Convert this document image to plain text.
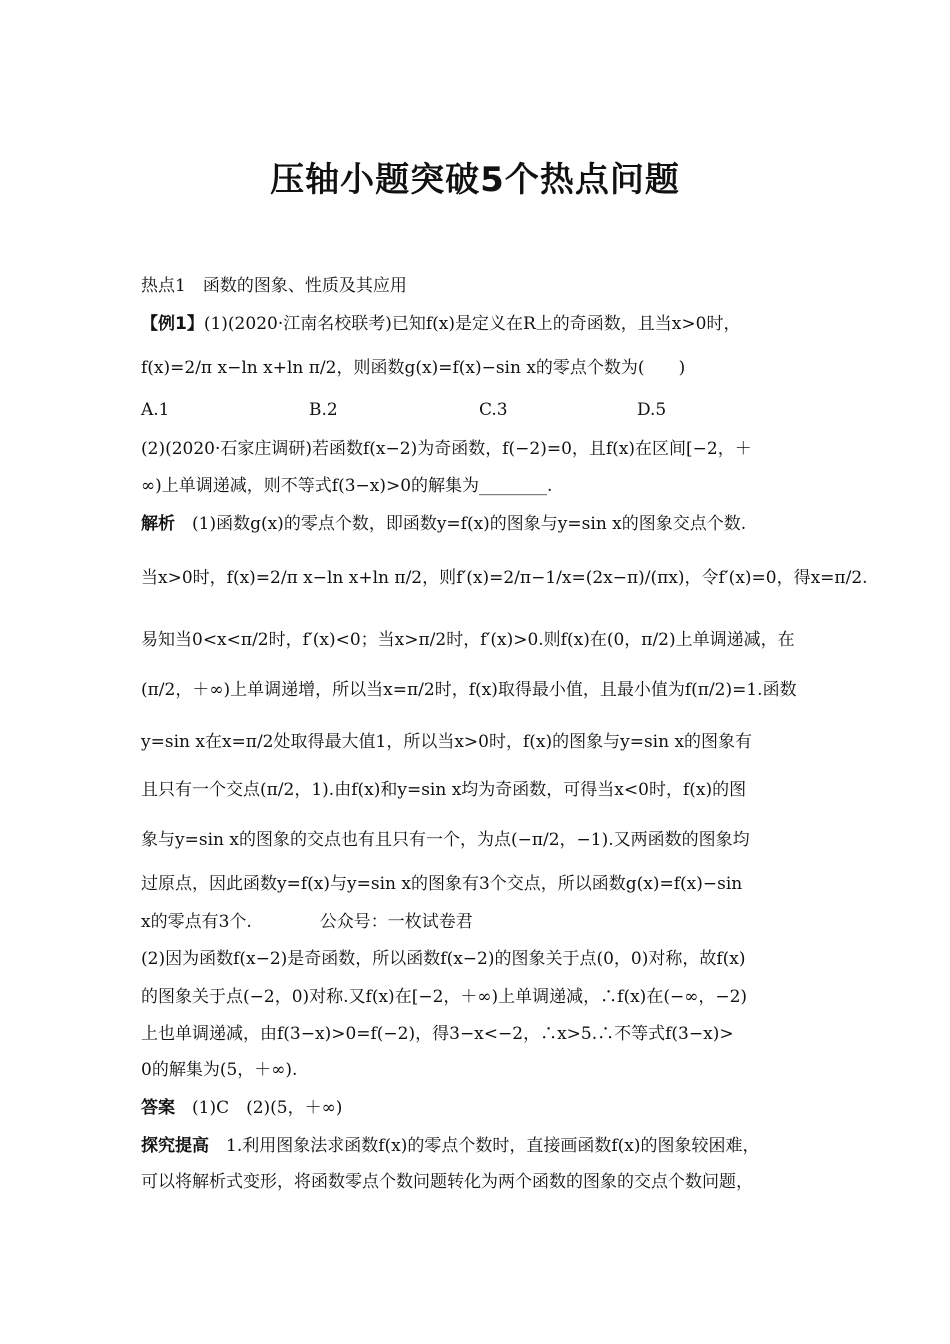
压轴小题突破5个热点问题
热点1　函数的图象、性质及其应用
【例1】(1)(2020·江南名校联考)已知f(x)是定义在R上的奇函数，且当x>0时，
f(x)=2/π x−ln x+ln π/2，则函数g(x)=f(x)−sin x的零点个数为(　　)
A.1	B.2	C.3	D.5
(2)(2020·石家庄调研)若函数f(x−2)为奇函数，f(−2)=0，且f(x)在区间[−2，＋
∞)上单调递减，则不等式f(3−x)>0的解集为________.
解析　 (1)函数g(x)的零点个数，即函数y=f(x)的图象与y=sin x的图象交点个数.
当x>0时，f(x)=2/π x−ln x+ln π/2，则f′(x)=2/π−1/x=(2x−π)/(πx)，令f′(x)=0，得x=π/2.
易知当0<x<π/2时，f′(x)<0；当x>π/2时，f′(x)>0.则f(x)在(0，π/2)上单调递减，在
(π/2，＋∞)上单调递增，所以当x=π/2时，f(x)取得最小值，且最小值为f(π/2)=1.函数
y=sin x在x=π/2处取得最大值1，所以当x>0时，f(x)的图象与y=sin x的图象有
且只有一个交点(π/2，1).由f(x)和y=sin x均为奇函数，可得当x<0时，f(x)的图
象与y=sin x的图象的交点也有且只有一个，为点(−π/2，−1).又两函数的图象均
过原点，因此函数y=f(x)与y=sin x的图象有3个交点，所以函数g(x)=f(x)−sin
x的零点有3个.　　　　公众号：一枚试卷君
(2)因为函数f(x−2)是奇函数，所以函数f(x−2)的图象关于点(0，0)对称，故f(x)
的图象关于点(−2，0)对称.又f(x)在[−2，＋∞)上单调递减，∴f(x)在(−∞，−2)
上也单调递减，由f(3−x)>0=f(−2)，得3−x<−2，∴x>5.∴不等式f(3−x)>
0的解集为(5，＋∞).
答案　 (1)C　(2)(5，＋∞)
探究提高　 1.利用图象法求函数f(x)的零点个数时，直接画函数f(x)的图象较困难，
可以将解析式变形，将函数零点个数问题转化为两个函数的图象的交点个数问题，
